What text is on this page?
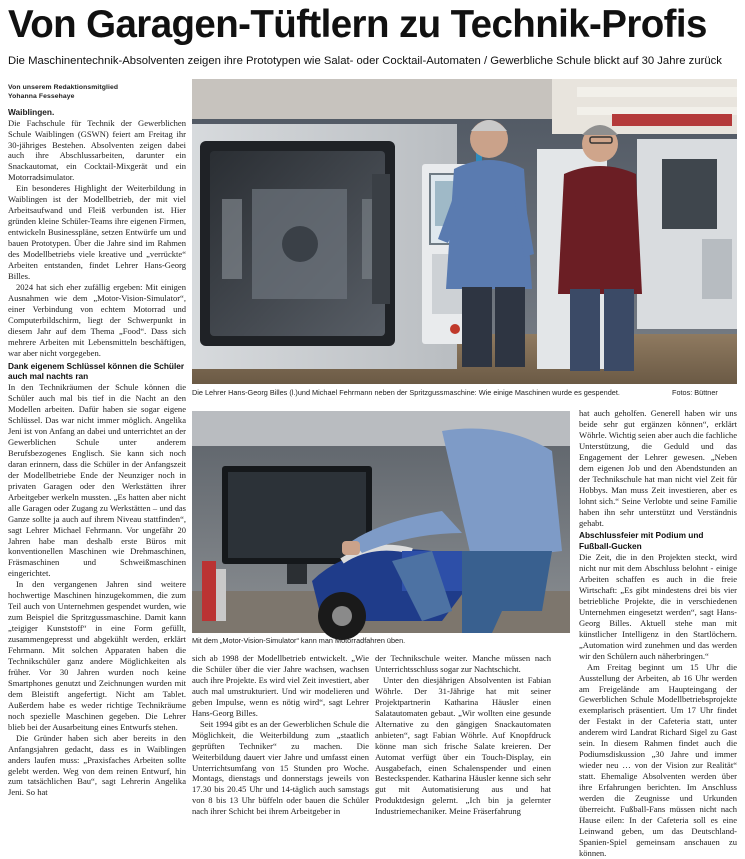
Von Garagen-Tüftlern zu Technik-Profis
Die Maschinentechnik-Absolventen zeigen ihre Prototypen wie Salat- oder Cocktail-Automaten / Gewerbliche Schule blickt auf 30 Jahre zurück
Von unserem Redaktionsmitglied
Yohanna Fessehaye
Waiblingen.

Die Fachschule für Technik der Gewerblichen Schule Waiblingen (GSWN) feiert am Freitag ihr 30-jähriges Bestehen. Absolventen zeigen dabei auch ihre Abschlussarbeiten, darunter ein Snackautomat, ein Cocktail-Mixgerät und ein Motorradsimulator.

Ein besonderes Highlight der Weiterbildung in Waiblingen ist der Modellbetrieb, der mit viel Arbeitsaufwand und Fleiß verbunden ist. Hier gründen kleine Schüler-Teams ihre eigenen Firmen, entwickeln Businesspläne, setzen Entwürfe um und bauen Prototypen. Über die Jahre sind im Rahmen des Modellbetriebs viele kreative und „verrückte“ Arbeiten entstanden, findet Lehrer Hans-Georg Billes.

2024 hat sich eher zufällig ergeben: Mit einigen Ausnahmen wie dem „Motor-Vision-Simulator“, einer Verbindung von echtem Motorrad und Computerbildschirm, liegt der Schwerpunkt in diesem Jahr auf dem Thema „Food“. Dass sich mehrere Arbeiten mit Lebensmitteln beschäftigen, war aber nicht vorgegeben.

Dank eigenem Schlüssel können die Schüler auch mal nachts ran

In den Technikräumen der Schule können die Schüler auch mal bis tief in die Nacht an den Modellen arbeiten. Dafür haben sie sogar eigene Schlüssel. Das war nicht immer möglich. Angelika Jeni ist von Anfang an dabei und unterrichtet an der Gewerblichen Schule unter anderem Berufsbezogenes Englisch. Sie kann sich noch daran erinnern, dass die Schüler in der Anfangszeit der Modellbetriebe Ende der Neunziger noch in privaten Garagen oder den Werkstätten ihrer Arbeitgeber werkeln mussten. „Es hatten aber nicht alle Garagen oder Zugang zu Werkstätten – und das Ganze sollte ja auch auf ihrem Niveau stattfinden“, sagt Lehrer Michael Fehrmann. Vor ungefähr 20 Jahren habe man deshalb erste Büros mit konventionellen Maschinen wie Drehmaschinen, Fräsmaschinen und Schweißmaschinen eingerichtet.

In den vergangenen Jahren sind weitere hochwertige Maschinen hinzugekommen, die zum Teil auch von Unternehmen gespendet wurden, wie zum Beispiel die Spritzgussmaschine. Damit kann „teigiger Kunststoff“ in eine Form gefüllt, zusammengepresst und abgekühlt werden, erklärt Fehrmann. Mit solchen Apparaten haben die Technikschüler ganz andere Möglichkeiten als früher. Vor 30 Jahren wurden noch keine Smartphones genutzt und Zeichnungen wurden mit dem Bleistift angefertigt. Nicht am Tablet. Außerdem habe es weder richtige Technikräume noch spezielle Maschinen gegeben. Die Lehrer blieb bei der Ausarbeitung eines Entwurfs stehen.

Die Gründer haben sich aber bereits in den Anfangsjahren gedacht, dass es in Waiblingen anders laufen muss: „Praxisfaches Arbeiten sollte gelebt werden. Weg von dem reinen Entwurf, hin zum tatsächlichen Bau“, sagt Lehrerin Angelika Jeni. So hat

Die Lehrer Hans-Georg Billes (l.)und Michael Fehrmann neben der Spritzgussmaschine: Wie einige Maschinen wurde es gespendet.	Fotos: Büttner
Mit dem „Motor-Vision-Simulator“ kann man Motorradfahren üben.

sich ab 1998 der Modellbetrieb entwickelt. „Wie die Schüler über die vier Jahre wachsen, wachsen auch ihre Projekte. Es wird viel Zeit investiert, aber auch mal umstrukturiert. Und wir modelieren und geben Impulse, wenn es nötig wird“, sagt Lehrer Hans-Georg Billes.

Seit 1994 gibt es an der Gewerblichen Schule die Möglichkeit, die Weiterbildung zum „staatlich geprüften Techniker“ zu machen. Die Weiterbildung dauert vier Jahre und umfasst einen Unterrichtsumfang von 15 Stunden pro Woche. Montags, dienstags und donnerstags jeweils von 17.30 bis 20.45 Uhr und 14-täglich auch samstags von 8 bis 13 Uhr büffeln oder bauen die Schüler nach ihrer Schicht bei ihrem Arbeitgeber in

der Technikschule weiter. Manche müssen nach Unterrichtsschluss sogar zur Nachtschicht.

Unter den diesjährigen Absolventen ist Fabian Wöhrle. Der 31-Jährige hat mit seiner Projektpartnerin Katharina Häusler einen Salatautomaten gebaut. „Wir wollten eine gesunde Alternative zu den gängigen Snackautomaten anbieten“, sagt Fabian Wöhrle. Auf Knopfdruck könne man sich frische Salate kreieren. Der Automat verfügt über ein Touch-Display, ein Ausgabefach, einen Schalenspender und einen Besteckspender. Katharina Häusler kenne sich sehr gut mit Automatisierung aus und hat Produktdesign gelernt. „Ich bin ja gelernter Industriemechaniker. Meine Fräserfahrung

hat auch geholfen. Generell haben wir uns beide sehr gut ergänzen können“, erklärt Wöhrle. Wichtig seien aber auch die fachliche Unterstützung, die Geduld und das Engagement der Lehrer gewesen. „Neben dem eigenen Job und den Abendstunden an der Technikschule hat man nicht viel Zeit für Hobbys. Man muss Zeit investieren, aber es lohnt sich.“ Seine Verlobte und seine Familie haben ihn sehr unterstützt und Verständnis gehabt.

Abschlussfeier mit Podium und Fußball-Gucken

Die Zeit, die in den Projekten steckt, wird nicht nur mit dem Abschluss belohnt - einige Arbeiten schaffen es auch in die freie Wirtschaft: „Es gibt mindestens drei bis vier betriebliche Projekte, die in verschiedenen Unternehmen eingesetzt werden“, sagt Hans-Georg Billes. Aktuell stehe man mit künstlicher Intelligenz in den Startlöchern. „Automation wird zunehmen und das werden wir den Schülern auch näherbringen.“

Am Freitag beginnt um 15 Uhr die Ausstellung der Arbeiten, ab 16 Uhr werden am Freigelände am Haupteingang der Gewerblichen Schule Modellbetriebsprojekte exemplarisch präsentiert. Um 17 Uhr findet der Festakt in der Cafeteria statt, unter anderem wird Landrat Richard Sigel zu Gast sein. In diesem Rahmen findet auch die Podiumsdiskussion „30 Jahre und immer wieder neu … von der Vision zur Realität“ statt. Ehemalige Absolventen werden über ihre Erfahrungen berichten. Im Anschluss werden die Zeugnisse und Urkunden überreicht. Fußball-Fans müssen nicht nach Hause eilen: In der Cafeteria soll es eine Leinwand geben, um das Deutschland-Spanien-Spiel gemeinsam anschauen zu können.
